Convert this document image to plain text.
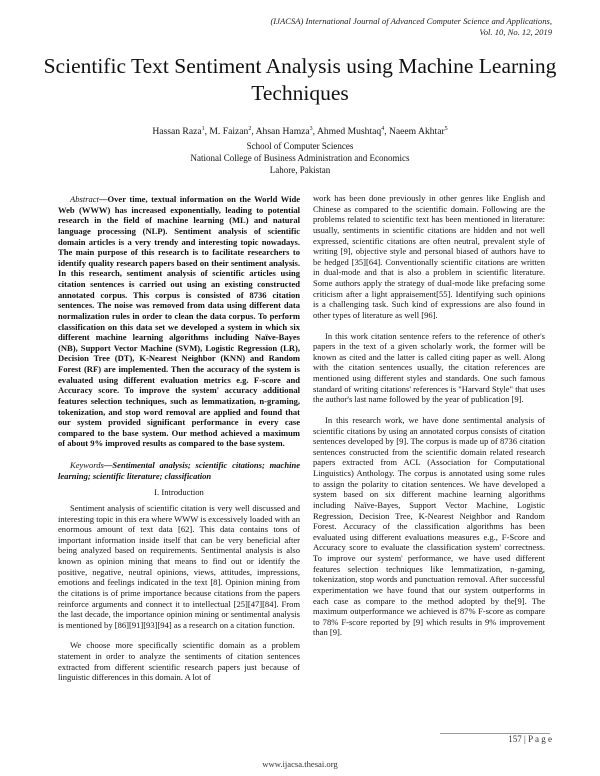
(IJACSA) International Journal of Advanced Computer Science and Applications,
Vol. 10, No. 12, 2019
Scientific Text Sentiment Analysis using Machine Learning Techniques
Hassan Raza$^1$, M. Faizan$^2$, Ahsan Hamza$^3$, Ahmed Mushtaq$^4$, Naeem Akhtar$^5$
School of Computer Sciences
National College of Business Administration and Economics
Lahore, Pakistan

Abstract—Over time, textual information on the World Wide Web (WWW) has increased exponentially, leading to potential research in the field of machine learning (ML) and natural language processing (NLP). Sentiment analysis of scientific domain articles is a very trendy and interesting topic nowadays. The main purpose of this research is to facilitate researchers to identify quality research papers based on their sentiment analysis. In this research, sentiment analysis of scientific articles using citation sentences is carried out using an existing constructed annotated corpus. This corpus is consisted of 8736 citation sentences. The noise was removed from data using different data normalization rules in order to clean the data corpus. To perform classification on this data set we developed a system in which six different machine learning algorithms including Naïve-Bayes (NB), Support Vector Machine (SVM), Logistic Regression (LR), Decision Tree (DT), K-Nearest Neighbor (KNN) and Random Forest (RF) are implemented. Then the accuracy of the system is evaluated using different evaluation metrics e.g. F-score and Accuracy score. To improve the system' accuracy additional features selection techniques, such as lemmatization, n-graming, tokenization, and stop word removal are applied and found that our system provided significant performance in every case compared to the base system. Our method achieved a maximum of about 9% improved results as compared to the base system.

Keywords—Sentimental analysis; scientific citations; machine learning; scientific literature; classification

I. Introduction

Sentiment analysis of scientific citation is very well discussed and interesting topic in this era where WWW is excessively loaded with an enormous amount of text data [62]. This data contains tons of important information inside itself that can be very beneficial after being analyzed based on requirements. Sentimental analysis is also known as opinion mining that means to find out or identify the positive, negative, neutral opinions, views, attitudes, impressions, emotions and feelings indicated in the text [8]. Opinion mining from the citations is of prime importance because citations from the papers reinforce arguments and connect it to intellectual [25][47][84]. From the last decade, the importance opinion mining or sentimental analysis is mentioned by [86][91][93][94] as a research on a citation function.

We choose more specifically scientific domain as a problem statement in order to analyze the sentiments of citation sentences extracted from different scientific research papers just because of linguistic differences in this domain. A lot of

work has been done previously in other genres like English and Chinese as compared to the scientific domain. Following are the problems related to scientific text has been mentioned in literature: usually, sentiments in scientific citations are hidden and not well expressed, scientific citations are often neutral, prevalent style of writing [9], objective style and personal biased of authors have to be hedged [35][64]. Conventionally scientific citations are written in dual-mode and that is also a problem in scientific literature. Some authors apply the strategy of dual-mode like prefacing some criticism after a light appraisement[55]. Identifying such opinions is a challenging task. Such kind of expressions are also found in other types of literature as well [96].

In this work citation sentence refers to the reference of other's papers in the text of a given scholarly work, the former will be known as cited and the latter is called citing paper as well. Along with the citation sentences usually, the citation references are mentioned using different styles and standards. One such famous standard of writing citations' references is "Harvard Style" that uses the author's last name followed by the year of publication [9].

In this research work, we have done sentimental analysis of scientific citations by using an annotated corpus consists of citation sentences developed by [9]. The corpus is made up of 8736 citation sentences constructed from the scientific domain related research papers extracted from ACL (Association for Computational Linguistics) Anthology. The corpus is annotated using some rules to assign the polarity to citation sentences. We have developed a system based on six different machine learning algorithms including Naïve-Bayes, Support Vector Machine, Logistic Regression, Decision Tree, K-Nearest Neighbor and Random Forest. Accuracy of the classification algorithms has been evaluated using different evaluations measures e.g., F-Score and Accuracy score to evaluate the classification system' correctness. To improve our system' performance, we have used different features selection techniques like lemmatization, n-gaming, tokenization, stop words and punctuation removal. After successful experimentation we have found that our system outperforms in each case as compare to the method adopted by the[9]. The maximum outperformance we achieved is 87% F-score as compare to 78% F-score reported by [9] which results in 9% improvement than [9].

157 | P a g e
www.ijacsa.thesai.org
